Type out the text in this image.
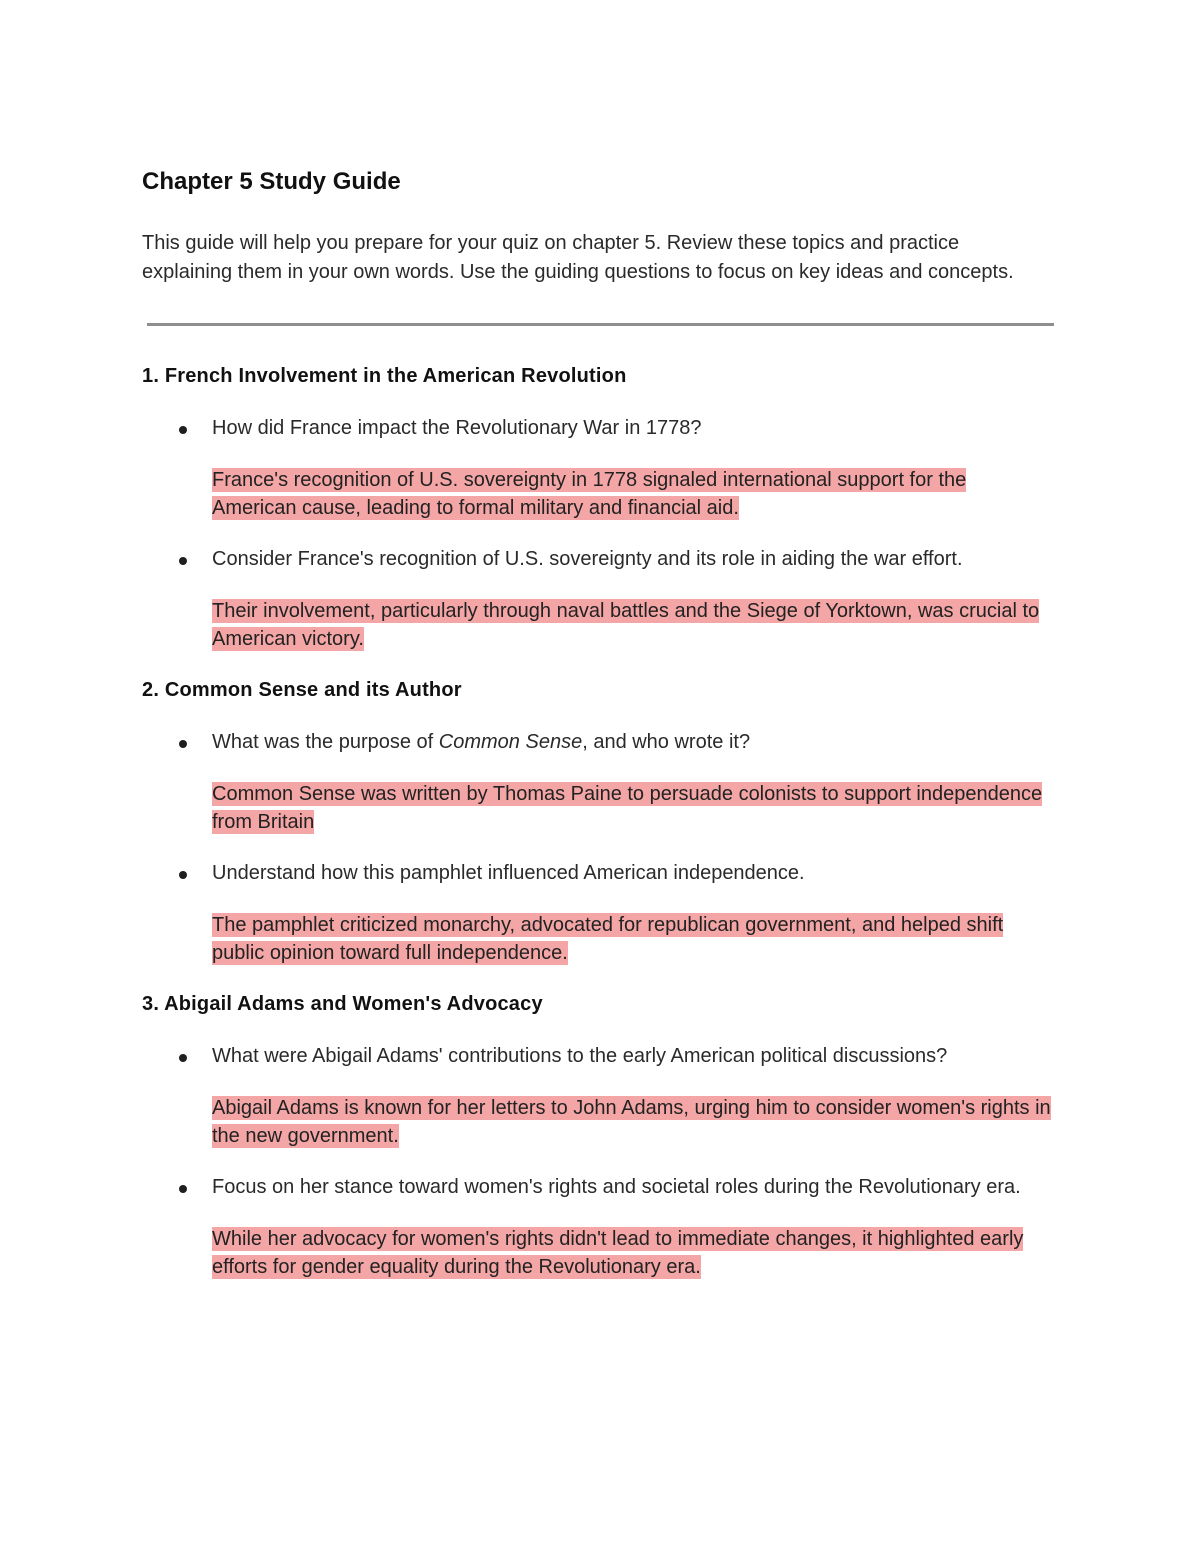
Chapter 5 Study Guide

This guide will help you prepare for your quiz on chapter 5. Review these topics and practice explaining them in your own words. Use the guiding questions to focus on key ideas and concepts.

1. French Involvement in the American Revolution

How did France impact the Revolutionary War in 1778?

France's recognition of U.S. sovereignty in 1778 signaled international support for the American cause, leading to formal military and financial aid.

Consider France's recognition of U.S. sovereignty and its role in aiding the war effort.

Their involvement, particularly through naval battles and the Siege of Yorktown, was crucial to American victory.

2. Common Sense and its Author

What was the purpose of Common Sense, and who wrote it?

Common Sense was written by Thomas Paine to persuade colonists to support independence from Britain

Understand how this pamphlet influenced American independence.

The pamphlet criticized monarchy, advocated for republican government, and helped shift public opinion toward full independence.

3. Abigail Adams and Women's Advocacy

What were Abigail Adams' contributions to the early American political discussions?

Abigail Adams is known for her letters to John Adams, urging him to consider women's rights in the new government.

Focus on her stance toward women's rights and societal roles during the Revolutionary era.

While her advocacy for women's rights didn't lead to immediate changes, it highlighted early efforts for gender equality during the Revolutionary era.
